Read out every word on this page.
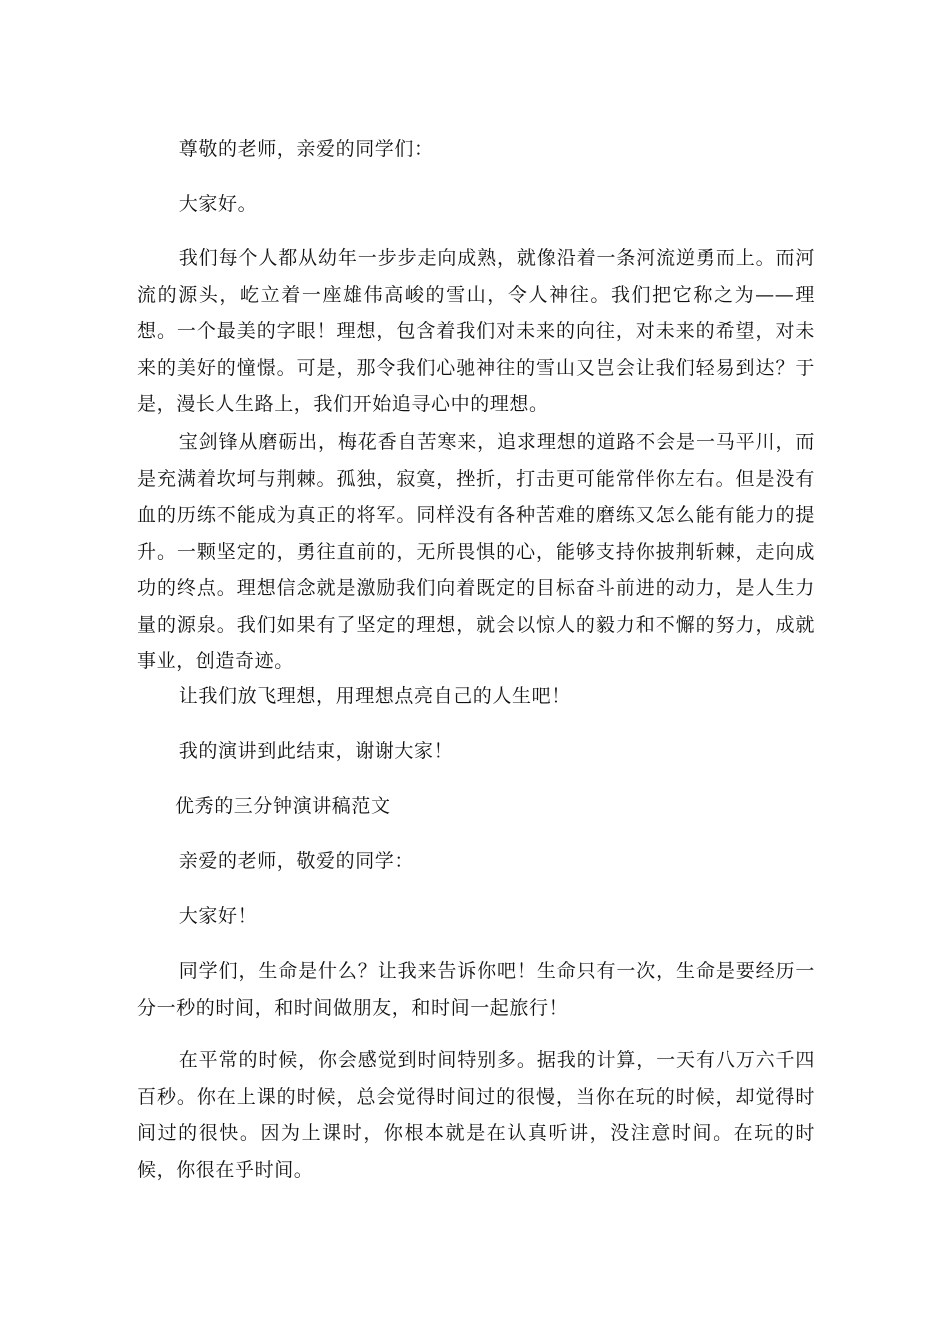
尊敬的老师，亲爱的同学们：

大家好。

我们每个人都从幼年一步步走向成熟，就像沿着一条河流逆勇而上。而河流的源头，屹立着一座雄伟高峻的雪山，令人神往。我们把它称之为——理想。一个最美的字眼！理想，包含着我们对未来的向往，对未来的希望，对未来的美好的憧憬。可是，那令我们心驰神往的雪山又岂会让我们轻易到达？于是，漫长人生路上，我们开始追寻心中的理想。

宝剑锋从磨砺出，梅花香自苦寒来，追求理想的道路不会是一马平川，而是充满着坎坷与荆棘。孤独，寂寞，挫折，打击更可能常伴你左右。但是没有血的历练不能成为真正的将军。同样没有各种苦难的磨练又怎么能有能力的提升。一颗坚定的，勇往直前的，无所畏惧的心，能够支持你披荆斩棘，走向成功的终点。理想信念就是激励我们向着既定的目标奋斗前进的动力，是人生力量的源泉。我们如果有了坚定的理想，就会以惊人的毅力和不懈的努力，成就事业，创造奇迹。

让我们放飞理想，用理想点亮自己的人生吧！

我的演讲到此结束，谢谢大家！

优秀的三分钟演讲稿范文

亲爱的老师，敬爱的同学：

大家好！

同学们，生命是什么？让我来告诉你吧！生命只有一次，生命是要经历一分一秒的时间，和时间做朋友，和时间一起旅行！

在平常的时候，你会感觉到时间特别多。据我的计算，一天有八万六千四百秒。你在上课的时候，总会觉得时间过的很慢，当你在玩的时候，却觉得时间过的很快。因为上课时，你根本就是在认真听讲，没注意时间。在玩的时候，你很在乎时间。
